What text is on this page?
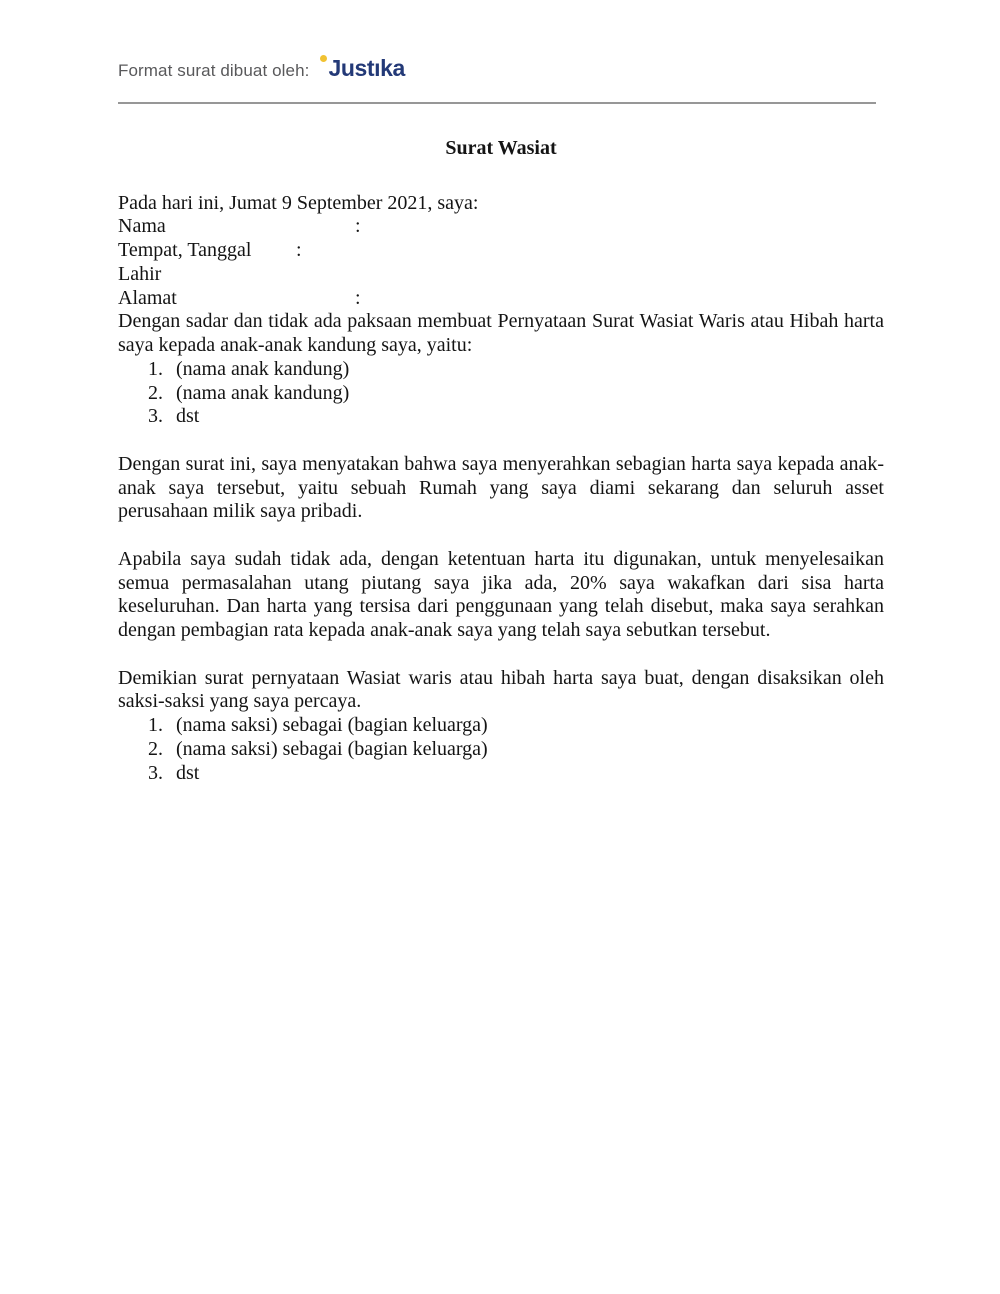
Format surat dibuat oleh: Justıka
Surat Wasiat

Pada hari ini, Jumat 9 September 2021, saya:

Nama	:
Tempat, Tanggal Lahir
:
Alamat	:

Dengan sadar dan tidak ada paksaan membuat Pernyataan Surat Wasiat Waris atau Hibah harta saya kepada anak-anak kandung saya, yaitu:

1. (nama anak kandung)
2. (nama anak kandung)
3. dst

Dengan surat ini, saya menyatakan bahwa saya menyerahkan sebagian harta saya kepada anak-anak saya tersebut, yaitu sebuah Rumah yang saya diami sekarang dan seluruh asset perusahaan milik saya pribadi.

Apabila saya sudah tidak ada, dengan ketentuan harta itu digunakan, untuk menyelesaikan semua permasalahan utang piutang saya jika ada, 20% saya wakafkan dari sisa harta keseluruhan. Dan harta yang tersisa dari penggunaan yang telah disebut, maka saya serahkan dengan pembagian rata kepada anak-anak saya yang telah saya sebutkan tersebut.

Demikian surat pernyataan Wasiat waris atau hibah harta saya buat, dengan disaksikan oleh saksi-saksi yang saya percaya.

1. (nama saksi) sebagai (bagian keluarga)
2. (nama saksi) sebagai (bagian keluarga)
3. dst
